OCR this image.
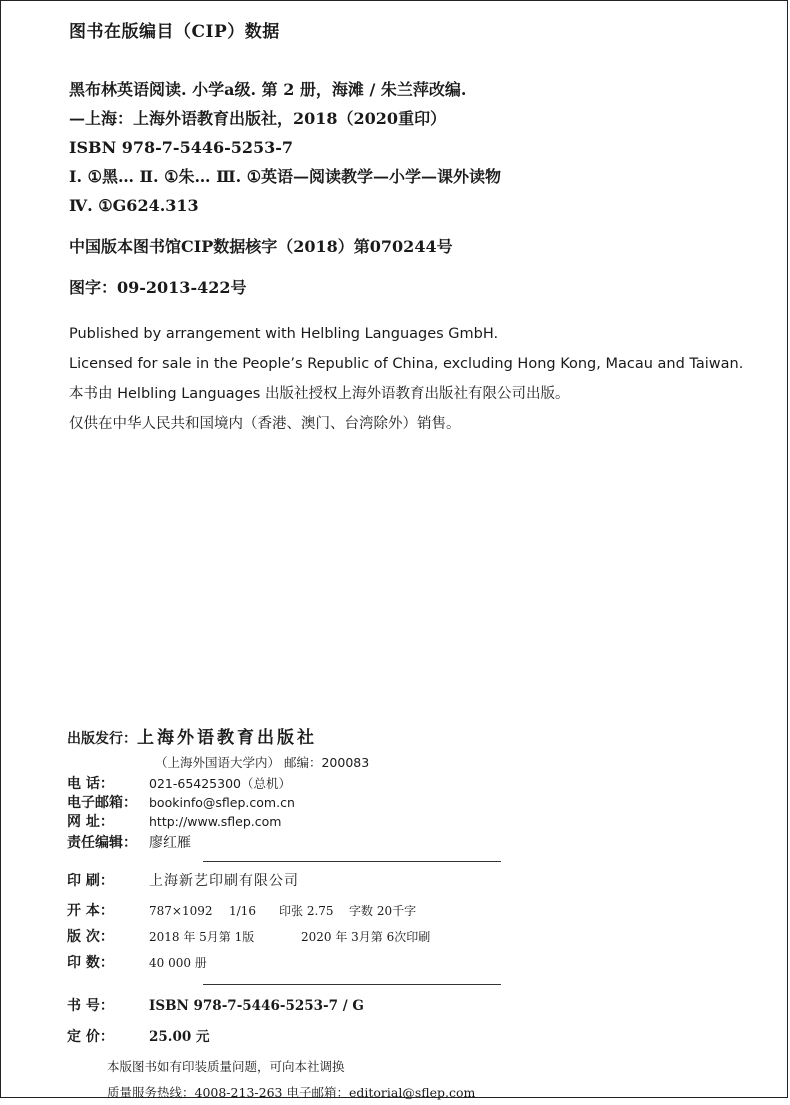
图书在版编目（CIP）数据

黑布林英语阅读. 小学a级. 第 2 册，海滩 / 朱兰萍改编.

—上海：上海外语教育出版社，2018（2020重印）

ISBN 978-7-5446-5253-7

Ⅰ. ①黑… Ⅱ. ①朱… Ⅲ. ①英语—阅读教学—小学—课外读物

Ⅳ. ①G624.313

中国版本图书馆CIP数据核字（2018）第070244号

图字：09-2013-422号

Published by arrangement with Helbling Languages GmbH.

Licensed for sale in the People’s Republic of China, excluding Hong Kong, Macau and Taiwan.

本书由 Helbling Languages 出版社授权上海外语教育出版社有限公司出版。

仅供在中华人民共和国境内（香港、澳门、台湾除外）销售。

出版发行： 上海外语教育出版社
（上海外国语大学内） 邮编：200083
电 话：	021-65425300（总机）
电子邮箱： bookinfo@sflep.com.cn
网 址：	http://www.sflep.com
责任编辑： 廖红雁
印 刷：	上海新艺印刷有限公司
开 本：	787×1092	1/16	印张 2.75	字数 20千字
版 次：	2018 年 5月第 1版	2020 年 3月第 6次印刷
印 数：	40 000 册
书 号：	ISBN 978-7-5446-5253-7 / G
定 价：	25.00 元
本版图书如有印装质量问题，可向本社调换
质量服务热线：4008-213-263 电子邮箱：editorial@sflep.com
